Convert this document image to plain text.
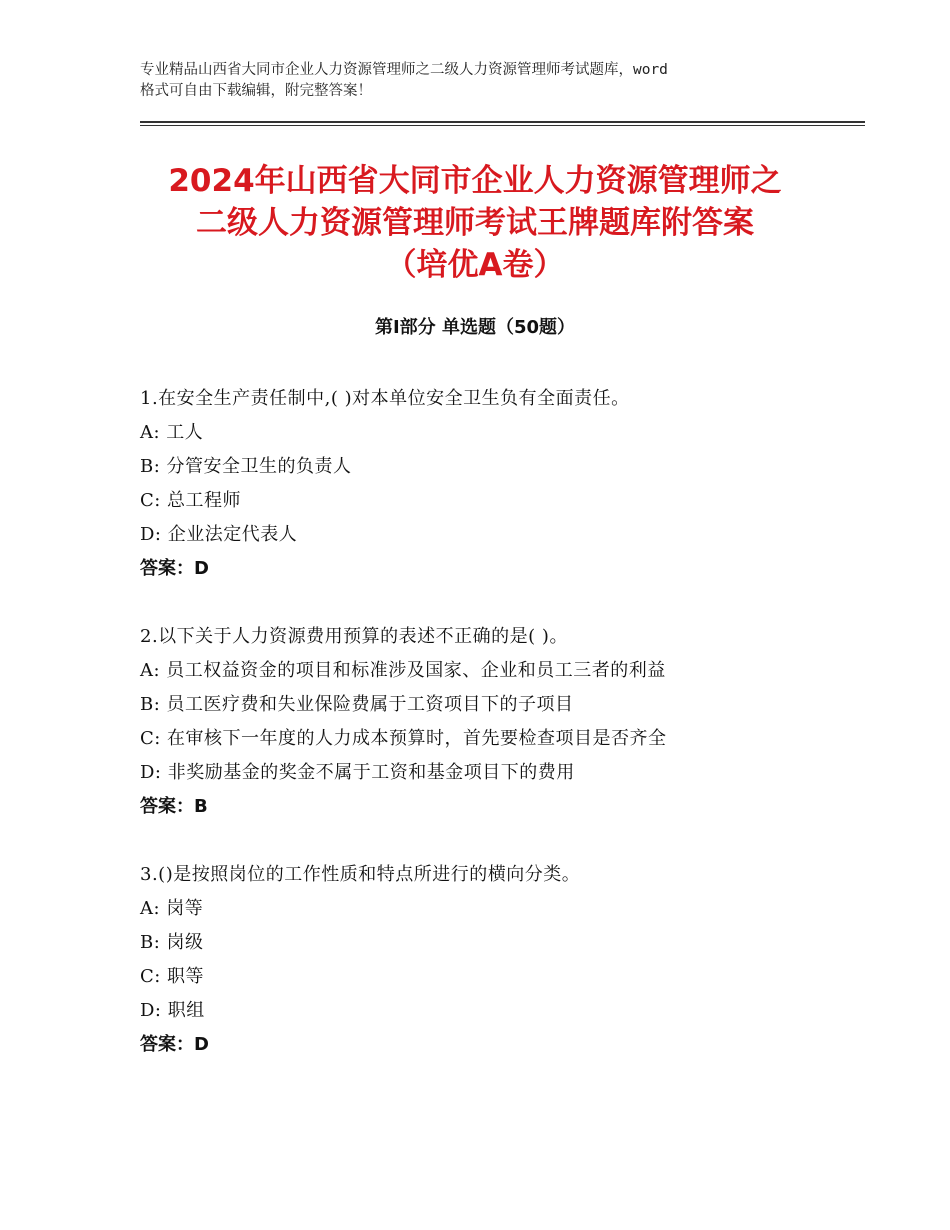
专业精品山西省大同市企业人力资源管理师之二级人力资源管理师考试题库，word
格式可自由下载编辑，附完整答案！
2024年山西省大同市企业人力资源管理师之
二级人力资源管理师考试王牌题库附答案
（培优A卷）
第Ⅰ部分 单选题（50题）
1.在安全生产责任制中,( )对本单位安全卫生负有全面责任。
A: 工人
B: 分管安全卫生的负责人
C: 总工程师
D: 企业法定代表人
答案：D
2.以下关于人力资源费用预算的表述不正确的是( )。
A: 员工权益资金的项目和标准涉及国家、企业和员工三者的利益
B: 员工医疗费和失业保险费属于工资项目下的子项目
C: 在审核下一年度的人力成本预算时，首先要检查项目是否齐全
D: 非奖励基金的奖金不属于工资和基金项目下的费用
答案：B
3.()是按照岗位的工作性质和特点所进行的横向分类。
A: 岗等
B: 岗级
C: 职等
D: 职组
答案：D
